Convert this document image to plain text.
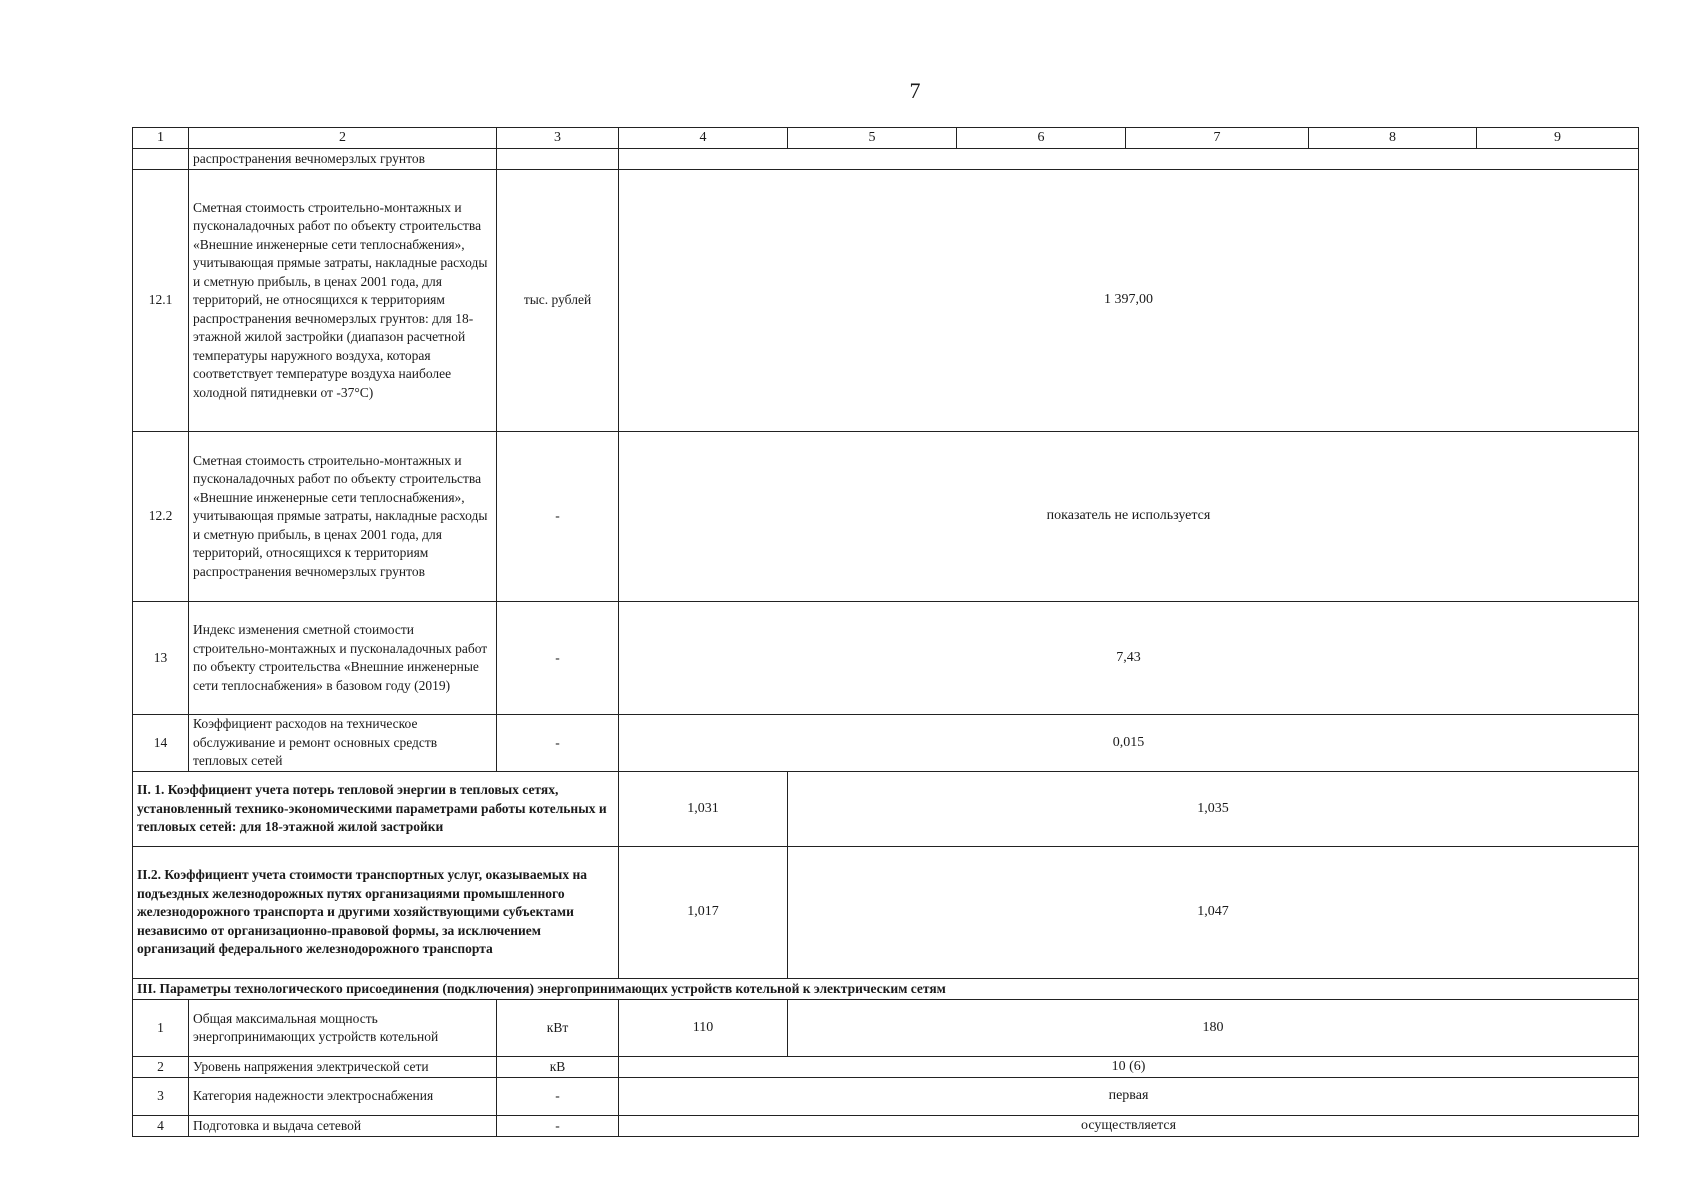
7
1	2	3	4	5	6	7	8	9
	распространения вечномерзлых грунтов							
12.1	Сметная стоимость строительно-монтажных и пусконаладочных работ по объекту строительства «Внешние инженерные сети теплоснабжения», учитывающая прямые затраты, накладные расходы и сметную прибыль, в ценах 2001 года, для территорий, не относящихся к территориям распространения вечномерзлых грунтов: для 18-этажной жилой застройки (диапазон расчетной температуры наружного воздуха, которая соответствует температуре воздуха наиболее холодной пятидневки от -37°С)	тыс. рублей	1 397,00					
12.2	Сметная стоимость строительно-монтажных и пусконаладочных работ по объекту строительства «Внешние инженерные сети теплоснабжения», учитывающая прямые затраты, накладные расходы и сметную прибыль, в ценах 2001 года, для территорий, относящихся к территориям распространения вечномерзлых грунтов	-	показатель не используется					
13	Индекс изменения сметной стоимости строительно-монтажных и пусконаладочных работ по объекту строительства «Внешние инженерные сети теплоснабжения» в базовом году (2019)	-	7,43					
14	Коэффициент расходов на техническое обслуживание и ремонт основных средств тепловых сетей	-	0,015					
II. 1. Коэффициент учета потерь тепловой энергии в тепловых сетях, установленный технико-экономическими параметрами работы котельных и тепловых сетей: для 18-этажной жилой застройки			1,031	1,035				
II.2. Коэффициент учета стоимости транспортных услуг, оказываемых на подъездных железнодорожных путях организациями промышленного железнодорожного транспорта и другими хозяйствующими субъектами независимо от организационно-правовой формы, за исключением организаций федерального железнодорожного транспорта			1,017	1,047				
III. Параметры технологического присоединения (подключения) энергопринимающих устройств котельной к электрическим сетям								
1	Общая максимальная мощность энергопринимающих устройств котельной	кВт	110	180				
2	Уровень напряжения электрической сети	кВ	10 (6)					
3	Категория надежности электроснабжения	-	первая					
4	Подготовка и выдача сетевой	-	осуществляется					
